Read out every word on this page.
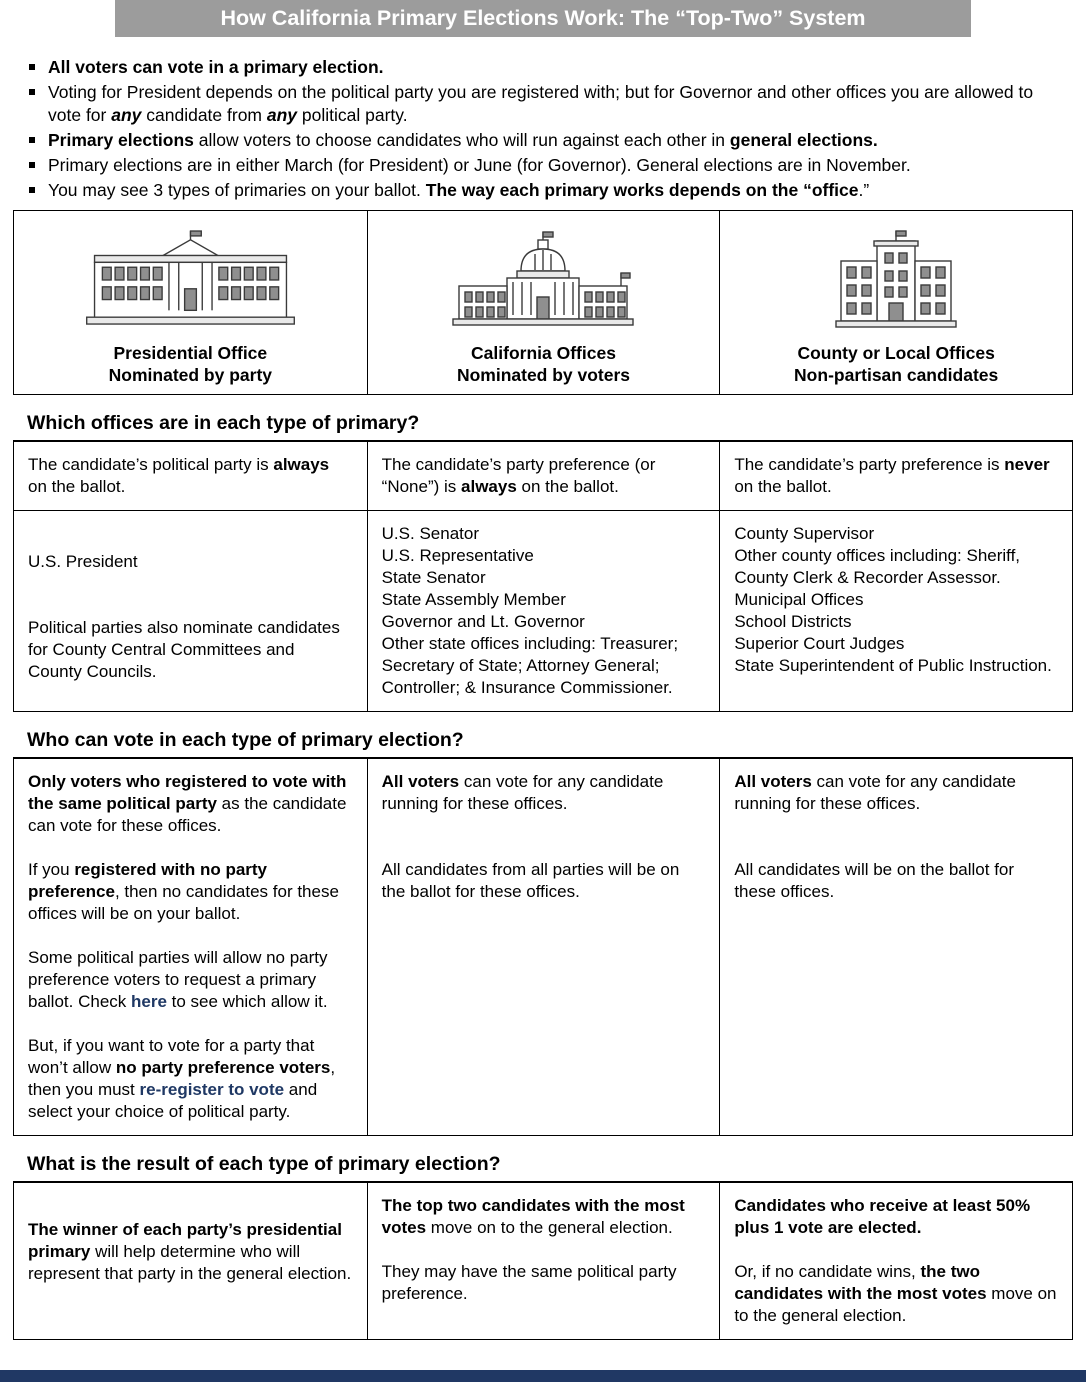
How California Primary Elections Work: The “Top-Two” System
All voters can vote in a primary election.
Voting for President depends on the political party you are registered with; but for Governor and other offices you are allowed to vote for any candidate from any political party.
Primary elections allow voters to choose candidates who will run against each other in general elections.
Primary elections are in either March (for President) or June (for Governor). General elections are in November.
You may see 3 types of primaries on your ballot. The way each primary works depends on the “office.”
Presidential Office
Nominated by party
California Offices
Nominated by voters
County or Local Offices
Non-partisan candidates
Which offices are in each type of primary?

The candidate’s political party is always on the ballot.

The candidate’s party preference (or “None”) is always on the ballot.

The candidate’s party preference is never on the ballot.

U.S. President

Political parties also nominate candidates for County Central Committees and County Councils.

U.S. Senator
U.S. Representative
State Senator
State Assembly Member
Governor and Lt. Governor
Other state offices including: Treasurer; Secretary of State; Attorney General; Controller; & Insurance Commissioner.
County Supervisor
Other county offices including: Sheriff, County Clerk & Recorder Assessor.
Municipal Offices
School Districts
Superior Court Judges
State Superintendent of Public Instruction.
Who can vote in each type of primary election?

Only voters who registered to vote with the same political party as the candidate can vote for these offices.

If you registered with no party preference, then no candidates for these offices will be on your ballot.

Some political parties will allow no party preference voters to request a primary ballot. Check here to see which allow it.

But, if you want to vote for a party that won’t allow no party preference voters, then you must re-register to vote and select your choice of political party.

All voters can vote for any candidate running for these offices.

All candidates from all parties will be on the ballot for these offices.

All voters can vote for any candidate running for these offices.

All candidates will be on the ballot for these offices.

What is the result of each type of primary election?

The winner of each party’s presidential primary will help determine who will represent that party in the general election.

The top two candidates with the most votes move on to the general election.

They may have the same political party preference.

Candidates who receive at least 50% plus 1 vote are elected.

Or, if no candidate wins, the two candidates with the most votes move on to the general election.
